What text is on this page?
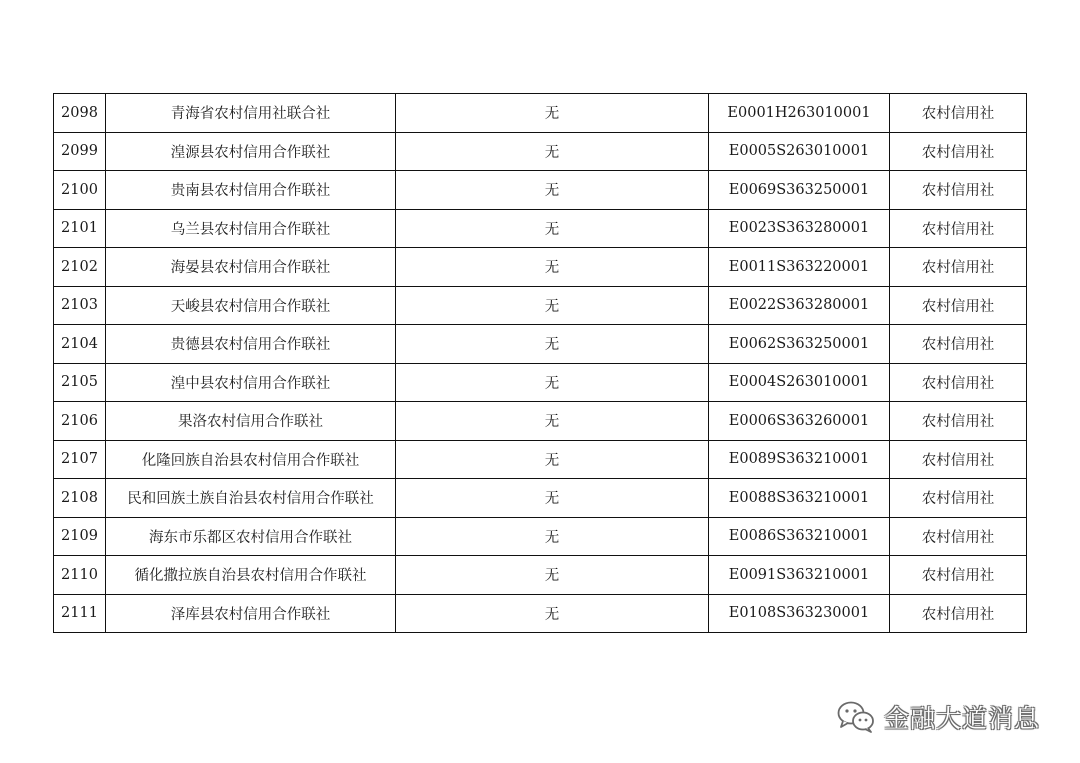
2098	青海省农村信用社联合社	无	E0001H263010001	农村信用社
2099	湟源县农村信用合作联社	无	E0005S263010001	农村信用社
2100	贵南县农村信用合作联社	无	E0069S363250001	农村信用社
2101	乌兰县农村信用合作联社	无	E0023S363280001	农村信用社
2102	海晏县农村信用合作联社	无	E0011S363220001	农村信用社
2103	天峻县农村信用合作联社	无	E0022S363280001	农村信用社
2104	贵德县农村信用合作联社	无	E0062S363250001	农村信用社
2105	湟中县农村信用合作联社	无	E0004S263010001	农村信用社
2106	果洛农村信用合作联社	无	E0006S363260001	农村信用社
2107	化隆回族自治县农村信用合作联社	无	E0089S363210001	农村信用社
2108	民和回族土族自治县农村信用合作联社	无	E0088S363210001	农村信用社
2109	海东市乐都区农村信用合作联社	无	E0086S363210001	农村信用社
2110	循化撒拉族自治县农村信用合作联社	无	E0091S363210001	农村信用社
2111	泽库县农村信用合作联社	无	E0108S363230001	农村信用社
金融大道消息
